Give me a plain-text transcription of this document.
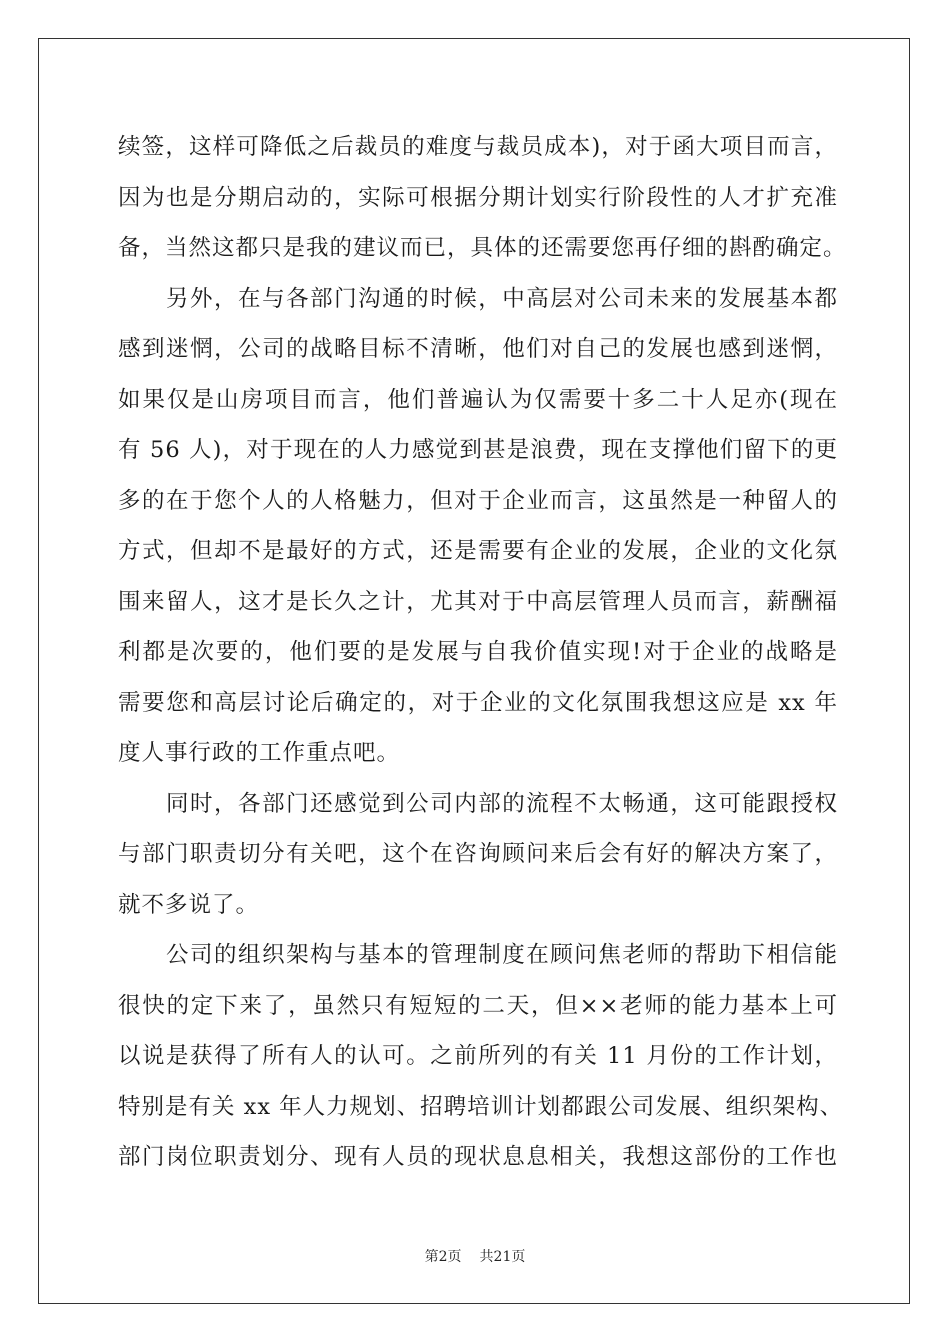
续签，这样可降低之后裁员的难度与裁员成本)，对于函大项目而言，
因为也是分期启动的，实际可根据分期计划实行阶段性的人才扩充准
备，当然这都只是我的建议而已，具体的还需要您再仔细的斟酌确定。
另外，在与各部门沟通的时候，中高层对公司未来的发展基本都
感到迷惘，公司的战略目标不清晰，他们对自己的发展也感到迷惘，
如果仅是山房项目而言，他们普遍认为仅需要十多二十人足亦(现在
有 56 人)，对于现在的人力感觉到甚是浪费，现在支撑他们留下的更
多的在于您个人的人格魅力，但对于企业而言，这虽然是一种留人的
方式，但却不是最好的方式，还是需要有企业的发展，企业的文化氛
围来留人，这才是长久之计，尤其对于中高层管理人员而言，薪酬福
利都是次要的，他们要的是发展与自我价值实现!对于企业的战略是
需要您和高层讨论后确定的，对于企业的文化氛围我想这应是 xx 年
度人事行政的工作重点吧。
同时，各部门还感觉到公司内部的流程不太畅通，这可能跟授权
与部门职责切分有关吧，这个在咨询顾问来后会有好的解决方案了，
就不多说了。
公司的组织架构与基本的管理制度在顾问焦老师的帮助下相信能
很快的定下来了，虽然只有短短的二天，但××老师的能力基本上可
以说是获得了所有人的认可。之前所列的有关 11 月份的工作计划，
特别是有关 xx 年人力规划、招聘培训计划都跟公司发展、组织架构、
部门岗位职责划分、现有人员的现状息息相关，我想这部份的工作也
第2页 共21页
